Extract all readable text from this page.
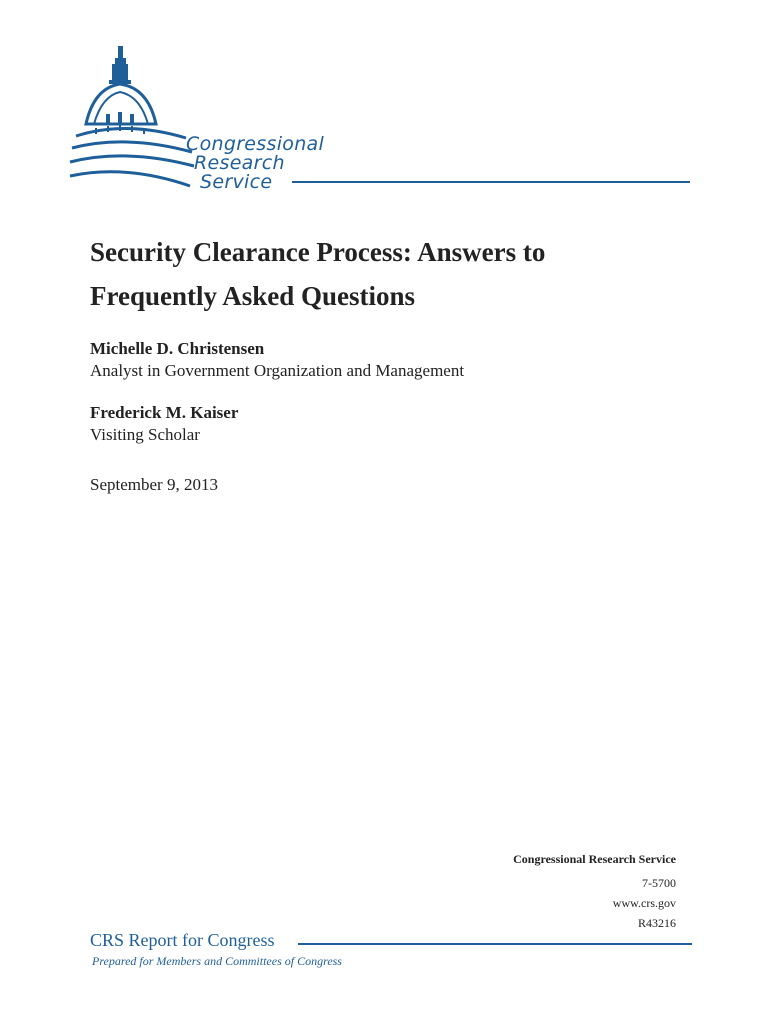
Congressional
Research
Service
Security Clearance Process: Answers to
Frequently Asked Questions
Michelle D. Christensen
Analyst in Government Organization and Management
Frederick M. Kaiser
Visiting Scholar
September 9, 2013
Congressional Research Service
7-5700
www.crs.gov
R43216
CRS Report for Congress
Prepared for Members and Committees of Congress
